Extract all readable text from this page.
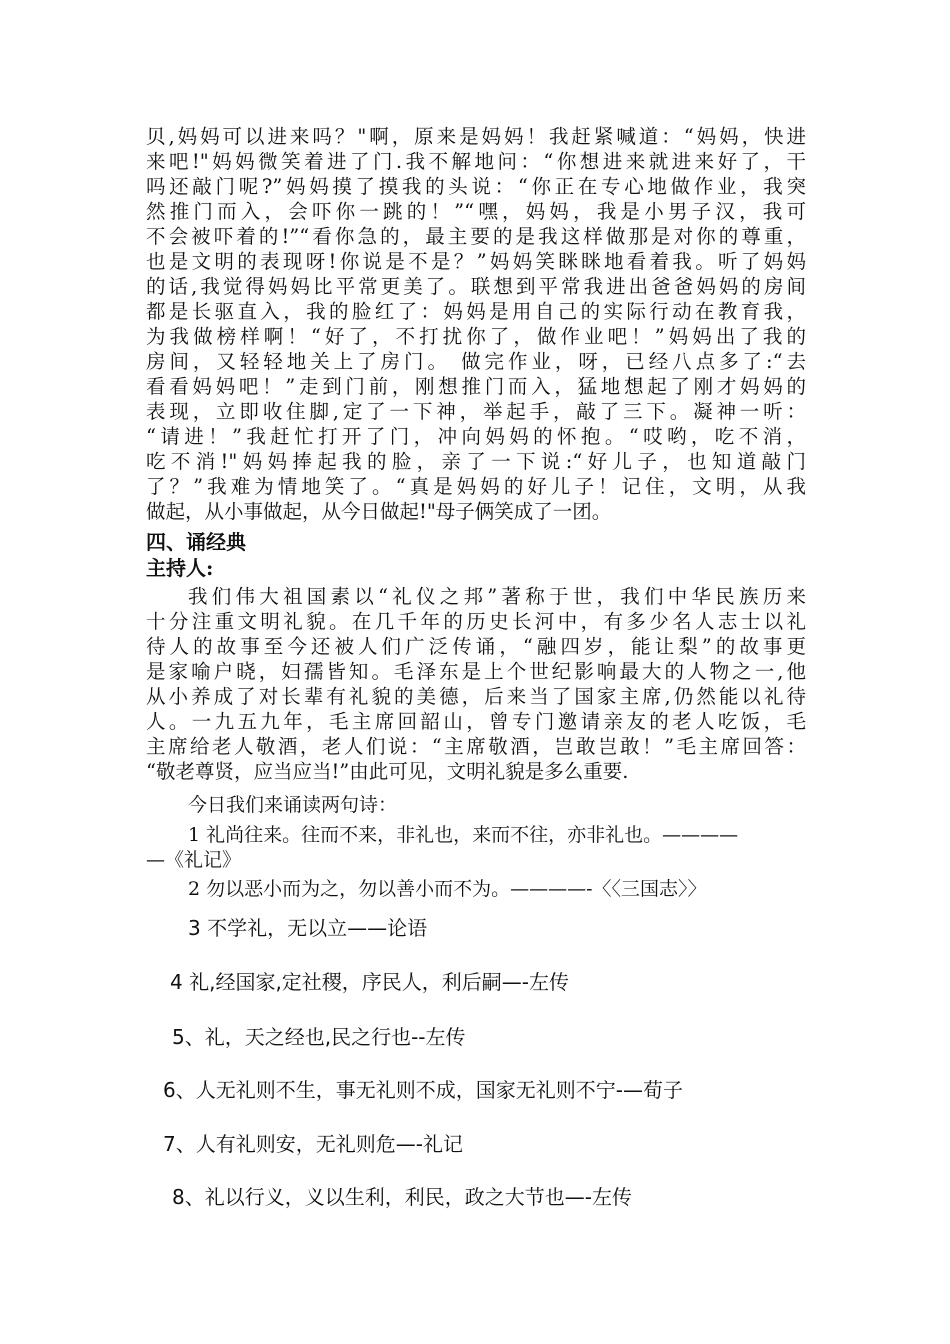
贝,妈妈可以进来吗？"啊，原来是妈妈！我赶紧喊道：“妈妈，快进

来吧!"妈妈微笑着进了门.我不解地问：“你想进来就进来好了，干

吗还敲门呢?”妈妈摸了摸我的头说：“你正在专心地做作业，我突

然推门而入，会吓你一跳的！”“嘿，妈妈，我是小男子汉，我可

不会被吓着的!”“看你急的，最主要的是我这样做那是对你的尊重，

也是文明的表现呀!你说是不是？”妈妈笑眯眯地看着我。听了妈妈

的话,我觉得妈妈比平常更美了。联想到平常我进出爸爸妈妈的房间

都是长驱直入，我的脸红了：妈妈是用自己的实际行动在教育我，

为我做榜样啊！“好了，不打扰你了，做作业吧！”妈妈出了我的

房间，又轻轻地关上了房门。 做完作业，呀，已经八点多了:“去

看看妈妈吧！”走到门前，刚想推门而入，猛地想起了刚才妈妈的

表现，立即收住脚,定了一下神，举起手，敲了三下。凝神一听：

“请进！”我赶忙打开了门，冲向妈妈的怀抱。“哎哟，吃不消，

吃不消!"妈妈捧起我的脸，亲了一下说:“好儿子，也知道敲门

了？”我难为情地笑了。“真是妈妈的好儿子！记住，文明，从我

做起，从小事做起，从今日做起!"母子俩笑成了一团。

四、诵经典
主持人:

我们伟大祖国素以“礼仪之邦”著称于世，我们中华民族历来

十分注重文明礼貌。在几千年的历史长河中，有多少名人志士以礼

待人的故事至今还被人们广泛传诵，“融四岁，能让梨”的故事更

是家喻户晓，妇孺皆知。毛泽东是上个世纪影响最大的人物之一,他

从小养成了对长辈有礼貌的美德，后来当了国家主席,仍然能以礼待

人。一九五九年，毛主席回韶山，曾专门邀请亲友的老人吃饭，毛

主席给老人敬酒，老人们说：“主席敬酒，岂敢岂敢！”毛主席回答：

“敬老尊贤，应当应当!”由此可见，文明礼貌是多么重要.

今日我们来诵读两句诗：
1 礼尚往来。往而不来，非礼也，来而不往，亦非礼也。————
—《礼记》
2 勿以恶小而为之，勿以善小而不为。————-〈〈三国志〉〉
3 不学礼，无以立——论语
4 礼,经国家,定社稷，序民人，利后嗣—-左传
5、礼，天之经也,民之行也--左传
6、人无礼则不生，事无礼则不成，国家无礼则不宁-—荀子
7、人有礼则安，无礼则危—-礼记
8、礼以行义，义以生利，利民，政之大节也—-左传
